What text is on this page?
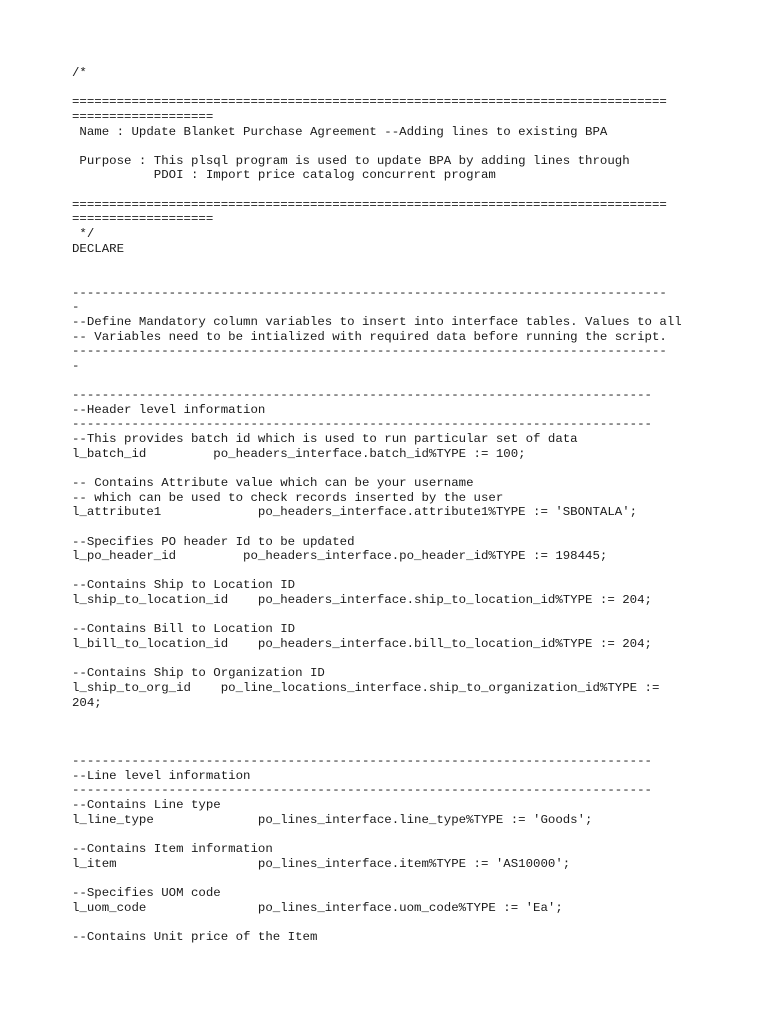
/*
================================================================================
===================
Name : Update Blanket Purchase Agreement --Adding lines to existing BPA
Purpose : This plsql program is used to update BPA by adding lines through
PDOI : Import price catalog concurrent program
================================================================================
===================
*/
DECLARE
--------------------------------------------------------------------------------
-
--Define Mandatory column variables to insert into interface tables. Values to all
-- Variables need to be intialized with required data before running the script.
--------------------------------------------------------------------------------
-
------------------------------------------------------------------------------
--Header level information
------------------------------------------------------------------------------
--This provides batch id which is used to run particular set of data
l_batch_id         po_headers_interface.batch_id%TYPE := 100;
-- Contains Attribute value which can be your username
-- which can be used to check records inserted by the user
l_attribute1             po_headers_interface.attribute1%TYPE := 'SBONTALA';
--Specifies PO header Id to be updated
l_po_header_id         po_headers_interface.po_header_id%TYPE := 198445;
--Contains Ship to Location ID
l_ship_to_location_id    po_headers_interface.ship_to_location_id%TYPE := 204;
--Contains Bill to Location ID
l_bill_to_location_id    po_headers_interface.bill_to_location_id%TYPE := 204;
--Contains Ship to Organization ID
l_ship_to_org_id    po_line_locations_interface.ship_to_organization_id%TYPE :=
204;
------------------------------------------------------------------------------
--Line level information
------------------------------------------------------------------------------
--Contains Line type
l_line_type              po_lines_interface.line_type%TYPE := 'Goods';
--Contains Item information
l_item                   po_lines_interface.item%TYPE := 'AS10000';
--Specifies UOM code
l_uom_code               po_lines_interface.uom_code%TYPE := 'Ea';
--Contains Unit price of the Item
